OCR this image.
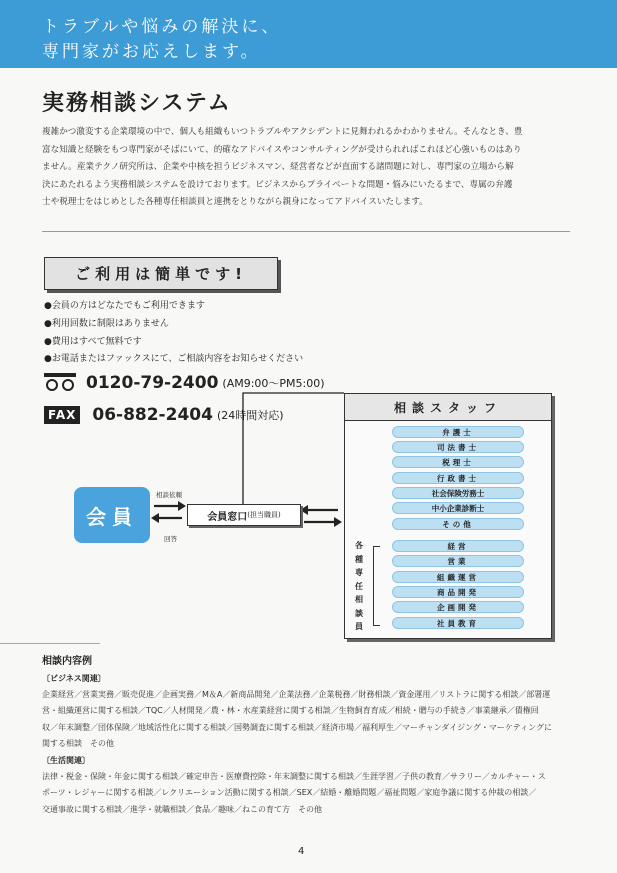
トラブルや悩みの解決に、
専門家がお応えします。
実務相談システム
複雑かつ激変する企業環境の中で、個人も組織もいつトラブルやアクシデントに見舞われるかわかりません。そんなとき、豊
富な知識と経験をもつ専門家がそばにいて、的確なアドバイスやコンサルティングが受けられればこれほど心強いものはあり
ません。産業テクノ研究所は、企業や中核を担うビジネスマン、経営者などが直面する諸問題に対し、専門家の立場から解
決にあたれるよう実務相談システムを設けております。ビジネスからプライベートな問題・悩みにいたるまで、専属の弁護
士や税理士をはじめとした各種専任相談員と連携をとりながら親身になってアドバイスいたします。
ご利用は簡単です!
●会員の方はどなたでもご利用できます
●利用回数に制限はありません
●費用はすべて無料です
●お電話またはファックスにて、ご相談内容をお知らせください
0120-79-2400 (AM9:00〜PM5:00)
FAX 06-882-2404 (24時間対応)
会員
相談依頼
回答
会員窓口 (担当職員)
相談スタッフ
弁護士
司法書士
税理士
行政書士
社会保険労務士
中小企業診断士
その他
各種専任相談員
経営
営業
組織運営
商品開発
企画開発
社員教育
相談内容例
〔ビジネス関連〕
企業経営／営業実務／販売促進／企画実務／M＆A／新商品開発／企業法務／企業税務／財務相談／資金運用／リストラに関する相談／部署運
営・組織運営に関する相談／TQC／人材開発／農・林・水産業経営に関する相談／生物飼育育成／相続・贈与の手続き／事業継承／債権回
収／年末調整／団体保険／地域活性化に関する相談／国勢調査に関する相談／経済市場／福利厚生／マーチャンダイジング・マーケティングに
関する相談　その他
〔生活関連〕
法律・税金・保険・年金に関する相談／確定申告・医療費控除・年末調整に関する相談／生涯学習／子供の教育／サラリー／カルチャー・ス
ポーツ・レジャーに関する相談／レクリエーション活動に関する相談／SEX／結婚・離婚問題／福祉問題／家庭争議に関する仲裁の相談／
交通事故に関する相談／進学・就職相談／食品／趣味／ねこの育て方　その他
4
